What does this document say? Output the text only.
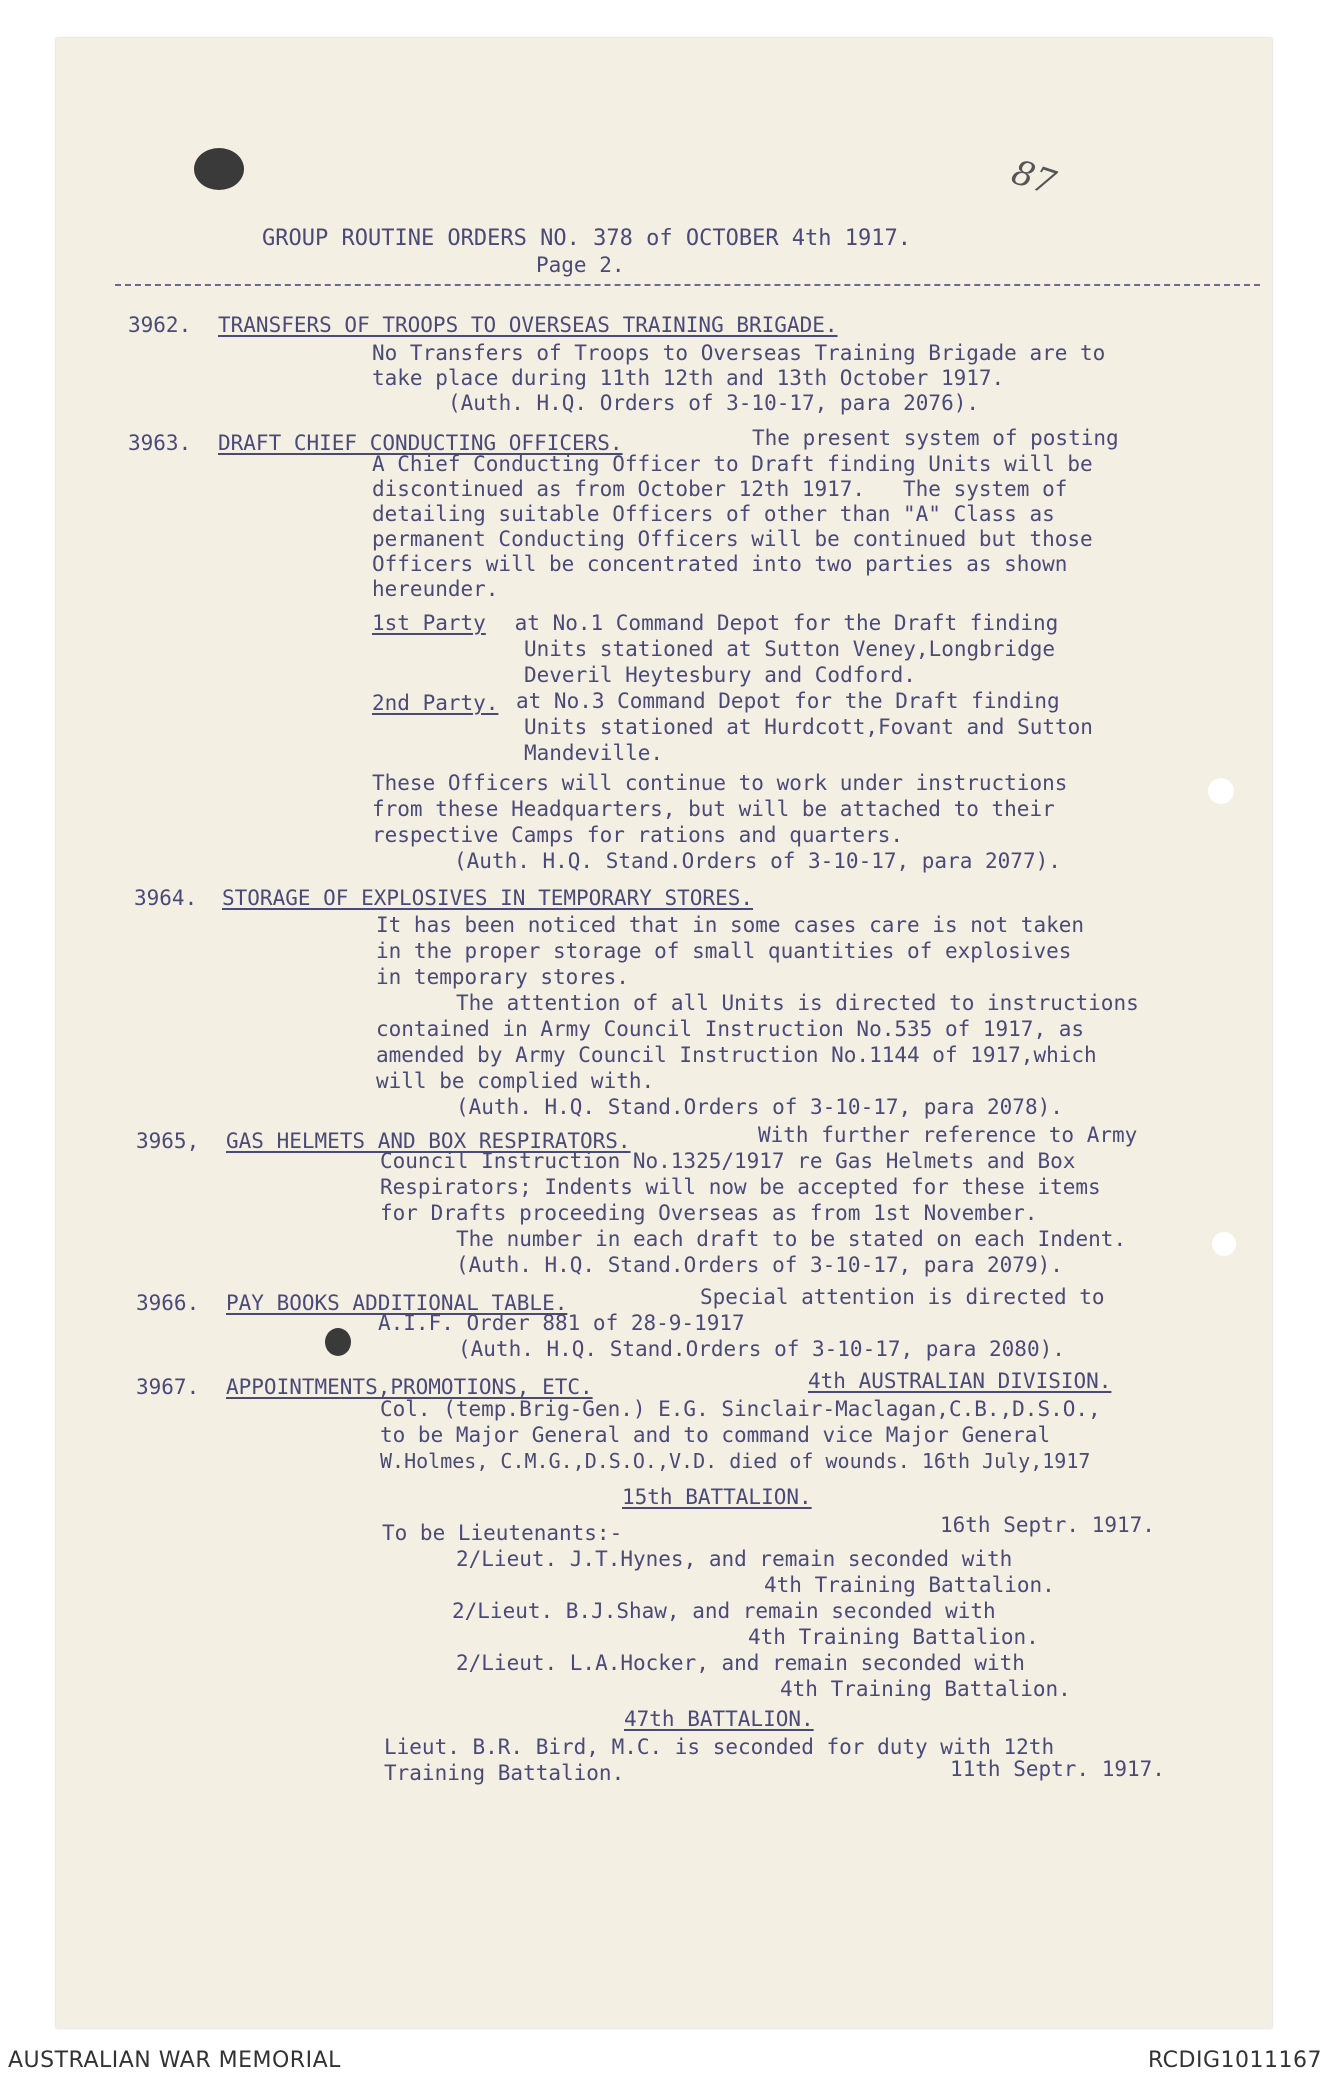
87
GROUP ROUTINE ORDERS NO. 378 of OCTOBER 4th 1917.
Page 2.
3962. TRANSFERS OF TROOPS TO OVERSEAS TRAINING BRIGADE.
No Transfers of Troops to Overseas Training Brigade are to
take place during 11th 12th and 13th October 1917.
(Auth. H.Q. Orders of 3-10-17, para 2076).
3963. DRAFT CHIEF CONDUCTING OFFICERS.	The present system of posting
A Chief Conducting Officer to Draft finding Units will be
discontinued as from October 12th 1917.   The system of
detailing suitable Officers of other than "A" Class as
permanent Conducting Officers will be continued but those
Officers will be concentrated into two parties as shown
hereunder.
1st Party at No.1 Command Depot for the Draft finding
Units stationed at Sutton Veney,Longbridge
Deveril Heytesbury and Codford.
2nd Party. at No.3 Command Depot for the Draft finding
Units stationed at Hurdcott,Fovant and Sutton
Mandeville.
These Officers will continue to work under instructions
from these Headquarters, but will be attached to their
respective Camps for rations and quarters.
(Auth. H.Q. Stand.Orders of 3-10-17, para 2077).
3964. STORAGE OF EXPLOSIVES IN TEMPORARY STORES.
It has been noticed that in some cases care is not taken
in the proper storage of small quantities of explosives
in temporary stores.
The attention of all Units is directed to instructions
contained in Army Council Instruction No.535 of 1917, as
amended by Army Council Instruction No.1144 of 1917,which
will be complied with.
(Auth. H.Q. Stand.Orders of 3-10-17, para 2078).
3965, GAS HELMETS AND BOX RESPIRATORS.	With further reference to Army
Council Instruction No.1325/1917 re Gas Helmets and Box
Respirators; Indents will now be accepted for these items
for Drafts proceeding Overseas as from 1st November.
The number in each draft to be stated on each Indent.
(Auth. H.Q. Stand.Orders of 3-10-17, para 2079).
3966. PAY BOOKS ADDITIONAL TABLE.	Special attention is directed to
A.I.F. Order 881 of 28-9-1917
(Auth. H.Q. Stand.Orders of 3-10-17, para 2080).
3967. APPOINTMENTS,PROMOTIONS, ETC.	4th AUSTRALIAN DIVISION.
Col. (temp.Brig-Gen.) E.G. Sinclair-Maclagan,C.B.,D.S.O.,
to be Major General and to command vice Major General
W.Holmes, C.M.G.,D.S.O.,V.D. died of wounds. 16th July,1917
15th BATTALION.
To be Lieutenants:-	16th Septr. 1917.
2/Lieut. J.T.Hynes, and remain seconded with
4th Training Battalion.
2/Lieut. B.J.Shaw, and remain seconded with
4th Training Battalion.
2/Lieut. L.A.Hocker, and remain seconded with
4th Training Battalion.
47th BATTALION.
Lieut. B.R. Bird, M.C. is seconded for duty with 12th
Training Battalion.	11th Septr. 1917.
AUSTRALIAN WAR MEMORIAL	RCDIG1011167
